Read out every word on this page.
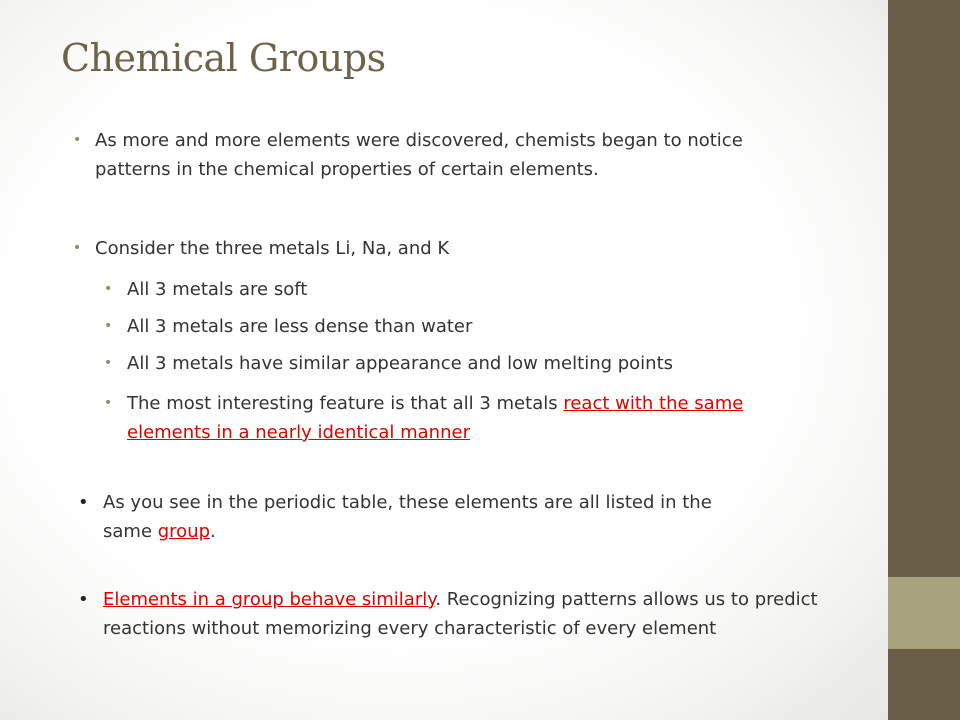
Chemical Groups
• As more and more elements were discovered, chemists began to notice patterns in the chemical properties of certain elements.

• Consider the three metals Li, Na, and K

• All 3 metals are soft

• All 3 metals are less dense than water

• All 3 metals have similar appearance and low melting points

• The most interesting feature is that all 3 metals react with the same elements in a nearly identical manner

• As you see in the periodic table, these elements are all listed in the same group.

• Elements in a group behave similarly. Recognizing patterns allows us to predict reactions without memorizing every characteristic of every element
